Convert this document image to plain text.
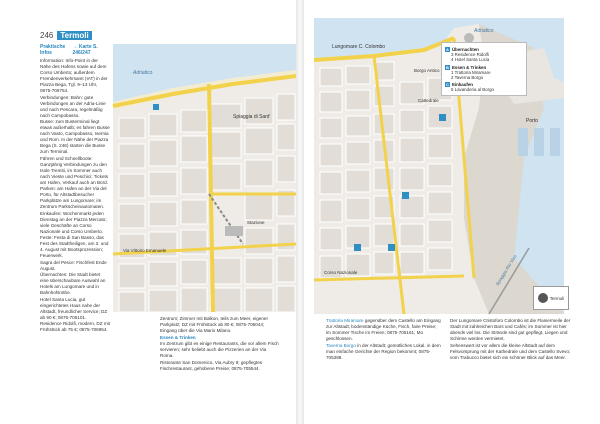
246 Termoli
Praktische Infos
→ Karte S. 246/247

Information: Info-Point in der Nähe des Hafens sowie auf dem Corso Umberto; außerdem Fremdenverkehrsamt (IAT) in der Piazza Bega, Tgl. 9–13 Uhr, 0875-706754.

Verbindungen: Bahn: gute Verbindungen an der Adria-Linie und nach Pescara, regelmäßig nach Campobasso.

Busse: zum Busterminal liegt etwas außerhalb; es fahren Busse nach Vasto, Campobasso, Isernia und Rom. In der Nähe der Piazza Bega (S. 246) starten die Busse zum Terminal.

Fähren und Schnellboote: Ganzjährig Verbindungen zu den Isole Tremiti, im Sommer auch nach Vieste und Peschici; Tickets am Hafen, Verkauf auch an Bord.

Parken: am Hafen an der Via del Porto, für Altstadtbesucher Parkplätze am Lungomare; im Zentrum Parkscheinautomaten.

Einkaufen: Wochenmarkt jeden Dienstag an der Piazza Mercato; viele Geschäfte an Corso Nazionale und Corso Umberto.

Feste: Festa di San Basso, das Fest des Stadtheiligen, am 3. und 4. August mit Bootsprozession; Feuerwerk.

Sagra del Pesce: Fischfest Ende August.

Übernachten: Die Stadt bietet eine überschaubare Auswahl an Hotels am Lungomare und in Bahnhofsnähe.

Hotel Santa Lucia, gut eingerichtetes Haus nahe der Altstadt, freundlicher Service; DZ ab 90 €; 0875-705101.

Residence Ridolfi, modern, DZ mit Frühstück ab 75 €; 0875-706954.

Zentrum; Zimmer mit Balkon, teils zum Meer, eigener Parkplatz; DZ mit Frühstück ab 80 €; 0875-706044; Eingang über die Via Mario Milano.

Essen & Trinken

Im Zentrum gibt es einige Restaurants, die vor allem Fisch servieren; sehr beliebt auch die Pizzerien an der Via Roma.

Ristorante San Domenico, Via Aubry 9; gepflegtes Fischrestaurant, gehobene Preise; 0875-705544.

Spiaggia di Sant'
Via Vittorio Emanuele
Stazione
Adriatico
Adriatico
Lungomare C. Colombo
Borgo Antico
Cattedrale
Porto
Spiaggia Rio Vivo
Corso Nazionale

Trattoria Miramare gegenüber dem Castello am Eingang zur Altstadt; bodenständige Küche, Fisch, faire Preise; im Sommer Tische im Freien; 0875-705161; Mo geschlossen.

Taverna Borgo in der Altstadt; gemütliches Lokal, in dem man einfache Gerichte der Region bekommt; 0875-705388.

Der Lungomare Cristoforo Colombo ist die Flaniermeile der Stadt mit zahlreichen Bars und Cafés; im Sommer ist hier abends viel los. Die Strände sind gut gepflegt, Liegen und Schirme werden vermietet.

Sehenswert ist vor allem die kleine Altstadt auf dem Felsvorsprung mit der Kathedrale und dem Castello Svevo; vom Trabucco bietet sich ein schöner Blick auf das Meer.

A Übernachten
3 Residence Ridolfi
4 Hotel Santa Lucia
B Essen & Trinken
1 Trattoria Miramare
2 Taverna Borgo
C Einkaufen
5 Lavanderia al Borgo
Termoli
